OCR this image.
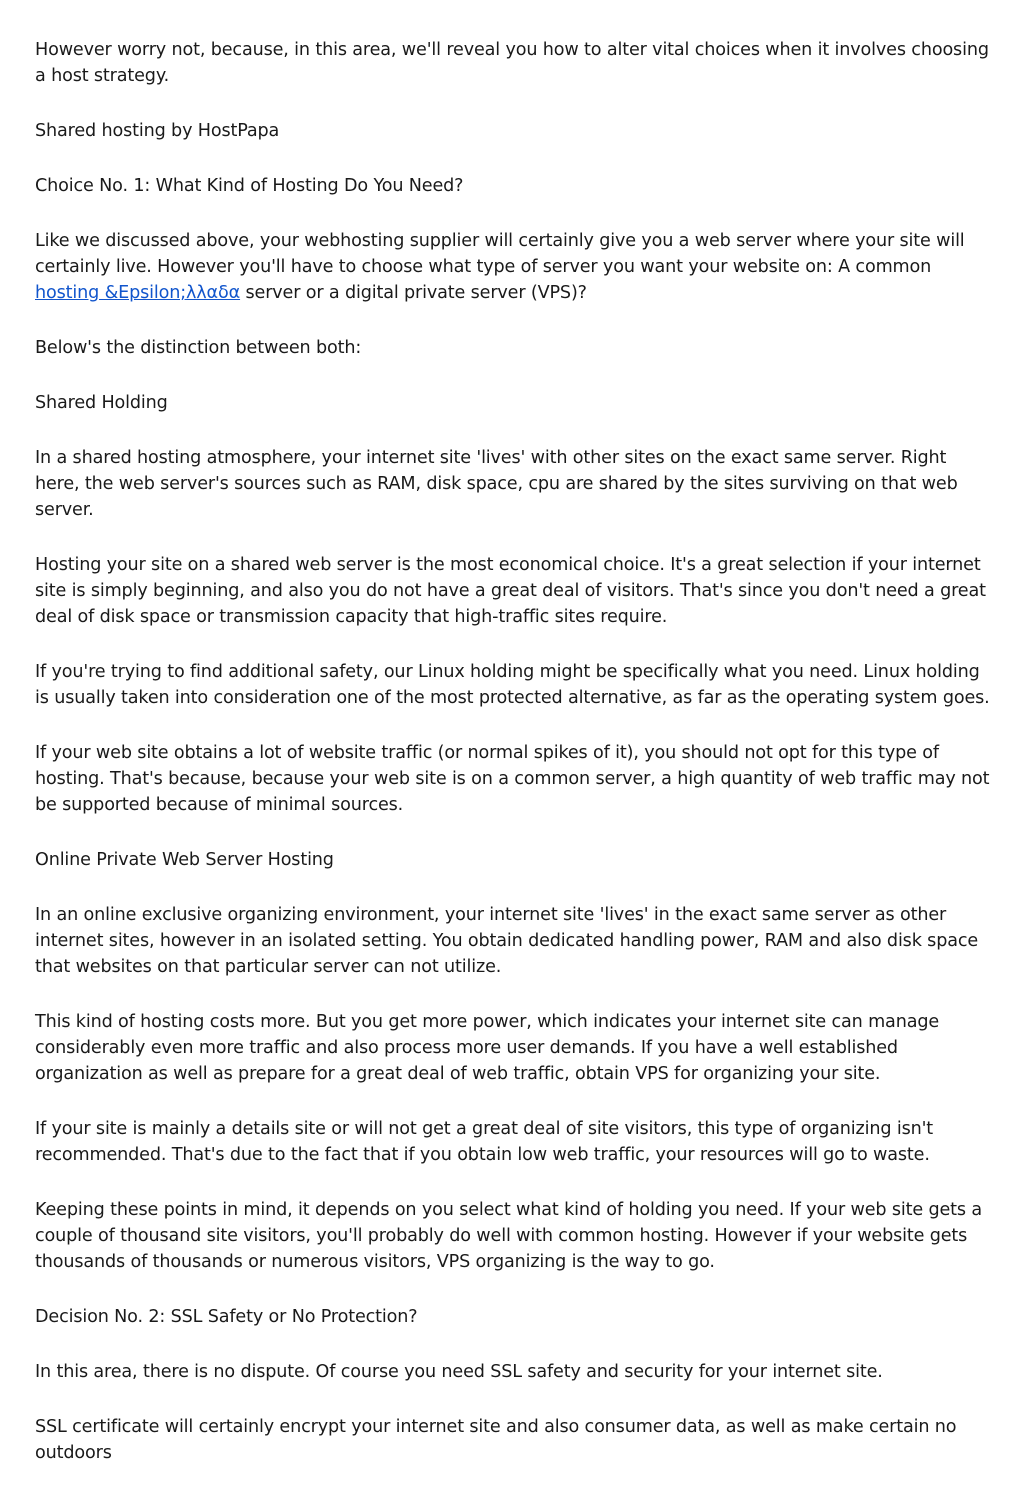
However worry not, because, in this area, we'll reveal you how to alter vital choices when it involves choosing a host strategy.

Shared hosting by HostPapa

Choice No. 1: What Kind of Hosting Do You Need?

Like we discussed above, your webhosting supplier will certainly give you a web server where your site will certainly live. However you'll have to choose what type of server you want your website on: A common hosting &Epsilon;λλαδα server or a digital private server (VPS)?

Below's the distinction between both:

Shared Holding

In a shared hosting atmosphere, your internet site 'lives' with other sites on the exact same server. Right here, the web server's sources such as RAM, disk space, cpu are shared by the sites surviving on that web server.

Hosting your site on a shared web server is the most economical choice. It's a great selection if your internet site is simply beginning, and also you do not have a great deal of visitors. That's since you don't need a great deal of disk space or transmission capacity that high-traffic sites require.

If you're trying to find additional safety, our Linux holding might be specifically what you need. Linux holding is usually taken into consideration one of the most protected alternative, as far as the operating system goes.

If your web site obtains a lot of website traffic (or normal spikes of it), you should not opt for this type of hosting. That's because, because your web site is on a common server, a high quantity of web traffic may not be supported because of minimal sources.

Online Private Web Server Hosting

In an online exclusive organizing environment, your internet site 'lives' in the exact same server as other internet sites, however in an isolated setting. You obtain dedicated handling power, RAM and also disk space that websites on that particular server can not utilize.

This kind of hosting costs more. But you get more power, which indicates your internet site can manage considerably even more traffic and also process more user demands. If you have a well established organization as well as prepare for a great deal of web traffic, obtain VPS for organizing your site.

If your site is mainly a details site or will not get a great deal of site visitors, this type of organizing isn't recommended. That's due to the fact that if you obtain low web traffic, your resources will go to waste.

Keeping these points in mind, it depends on you select what kind of holding you need. If your web site gets a couple of thousand site visitors, you'll probably do well with common hosting. However if your website gets thousands of thousands or numerous visitors, VPS organizing is the way to go.

Decision No. 2: SSL Safety or No Protection?

In this area, there is no dispute. Of course you need SSL safety and security for your internet site.

SSL certificate will certainly encrypt your internet site and also consumer data, as well as make certain no outdoors
